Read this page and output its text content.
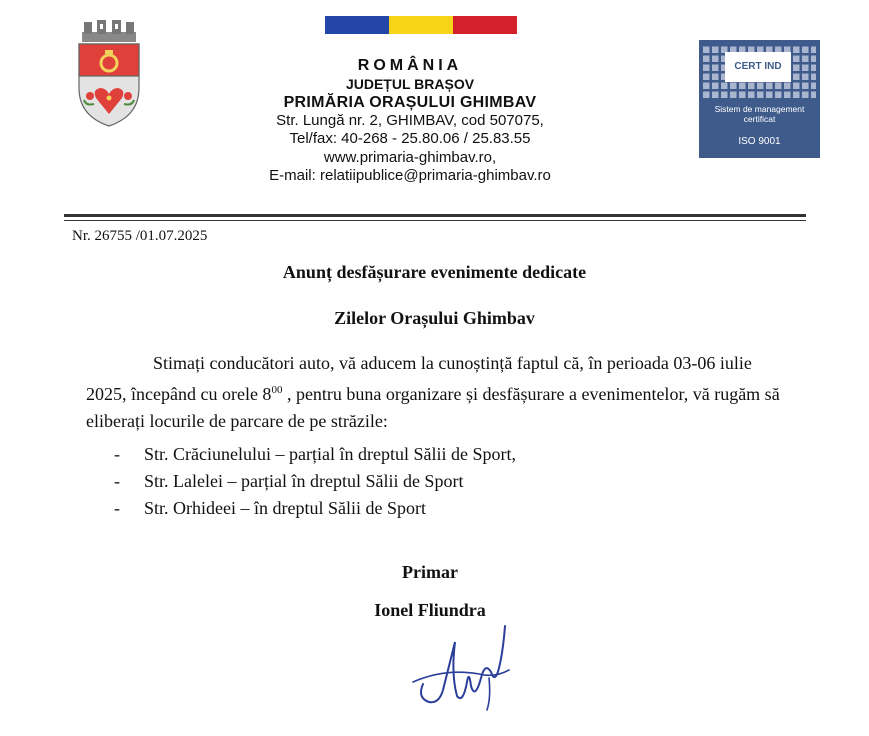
ROMÂNIA
JUDEȚUL BRAȘOV
PRIMĂRIA ORAȘULUI GHIMBAV
Str. Lungă nr. 2, GHIMBAV, cod 507075,
Tel/fax: 40-268 - 25.80.06 / 25.83.55
www.primaria-ghimbav.ro,
E-mail: relatiipublice@primaria-ghimbav.ro
CERT IND
Sistem de management
certificat
ISO 9001
Nr. 26755 /01.07.2025
Anunț desfășurare evenimente dedicate
Zilelor Orașului Ghimbav

Stimați conducători auto, vă aducem la cunoștință faptul că, în perioada 03-06 iulie 2025, începând cu orele $8^{00}$ , pentru buna organizare și desfășurare a evenimentelor, vă rugăm să eliberați locurile de parcare de pe străzile:

- Str. Crăciunelului – parțial în dreptul Sălii de Sport,
- Str. Lalelei – parțial în dreptul Sălii de Sport
- Str. Orhideei – în dreptul Sălii de Sport
Primar
Ionel Fliundra
